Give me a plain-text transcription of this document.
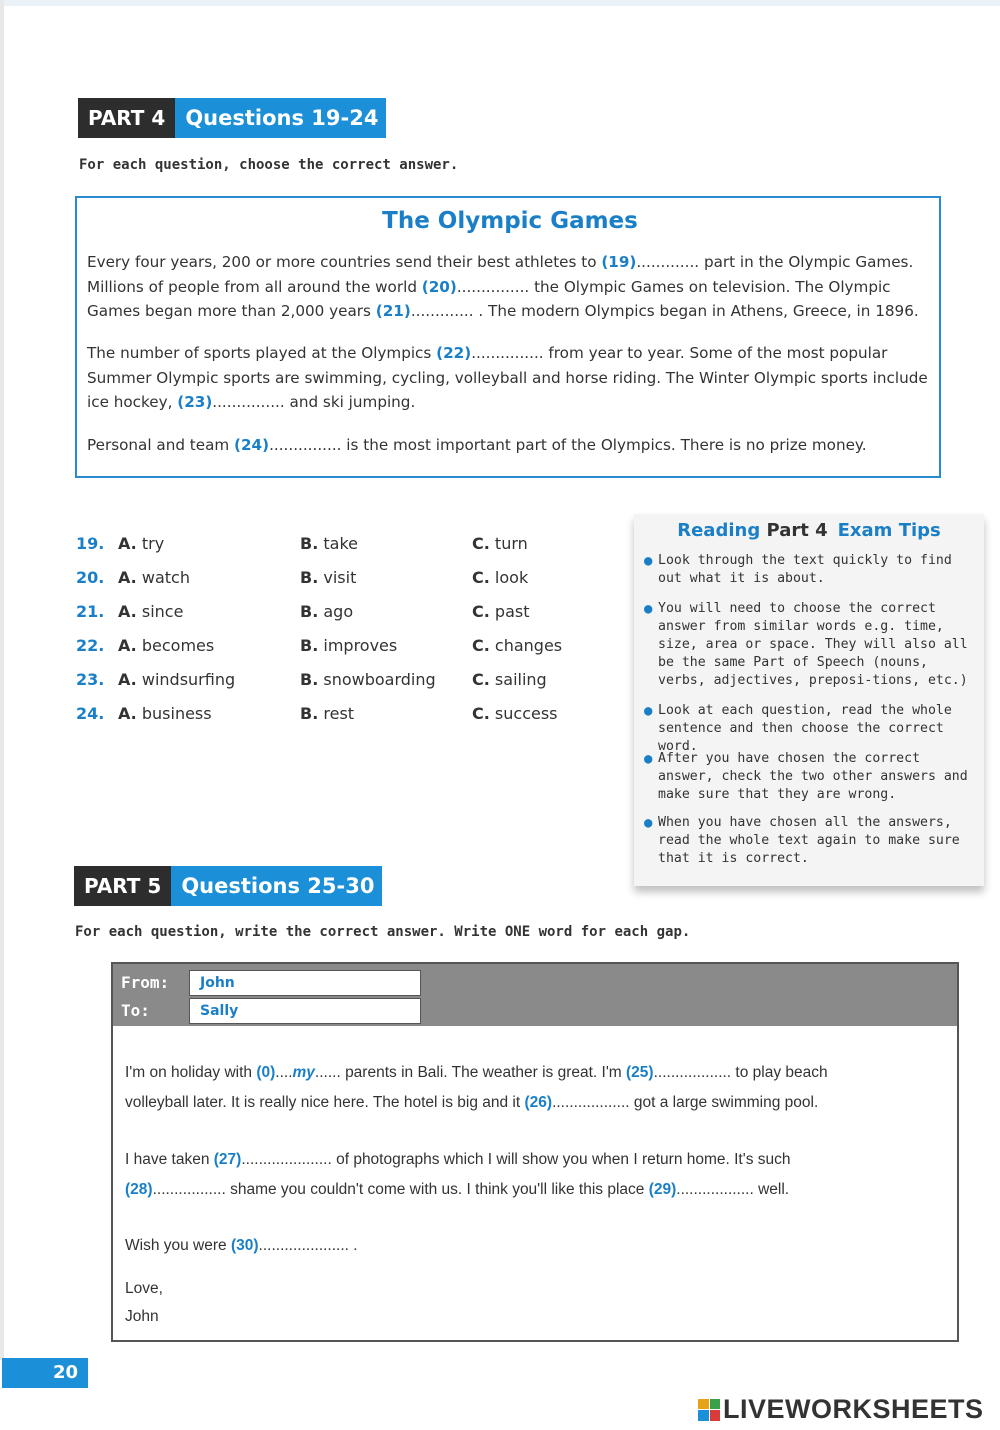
PART 4 Questions 19-24
For each question, choose the correct answer.
The Olympic Games
Every four years, 200 or more countries send their best athletes to (19)............. part in the Olympic Games. Millions of people from all around the world (20)............... the Olympic Games on television. The Olympic Games began more than 2,000 years (21)............. . The modern Olympics began in Athens, Greece, in 1896.
The number of sports played at the Olympics (22)............... from year to year. Some of the most popular Summer Olympic sports are swimming, cycling, volleyball and horse riding. The Winter Olympic sports include ice hockey, (23)............... and ski jumping.
Personal and team (24)............... is the most important part of the Olympics. There is no prize money.
19. A. try	B. take	C. turn
20. A. watch	B. visit	C. look
21. A. since	B. ago	C. past
22. A. becomes	B. improves	C. changes
23. A. windsurfing	B. snowboarding C. sailing
24. A. business	B. rest	C. success
Reading Part 4 Exam Tips
● Look through the text quickly to find out what it is about.
● You will need to choose the correct answer from similar words e.g. time, size, area or space. They will also all be the same Part of Speech (nouns, verbs, adjectives, preposi-tions, etc.)
● Look at each question, read the whole sentence and then choose the correct word.
● After you have chosen the correct answer, check the two other answers and make sure that they are wrong.
● When you have chosen all the answers, read the whole text again to make sure that it is correct.
PART 5 Questions 25-30
For each question, write the correct answer. Write ONE word for each gap.
From:	John
To:	Sally
I'm on holiday with (0)....my...... parents in Bali. The weather is great. I'm (25).................. to play beach
volleyball later. It is really nice here. The hotel is big and it (26).................. got a large swimming pool.
I have taken (27)..................... of photographs which I will show you when I return home. It's such
(28)................. shame you couldn't come with us. I think you'll like this place (29).................. well.
Wish you were (30)..................... .
Love,
John
20
LIVEWORKSHEETS
